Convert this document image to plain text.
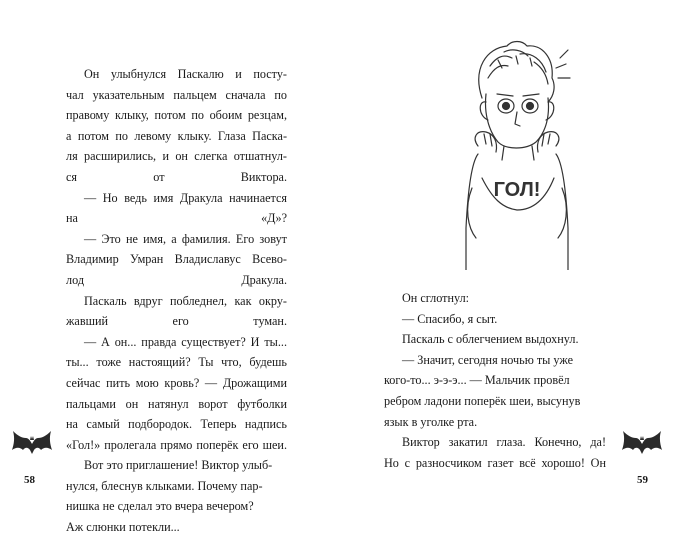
Он улыбнулся Паскалю и посту-
чал указательным пальцем сначала по
правому клыку, потом по обоим резцам,
а потом по левому клыку. Глаза Паска-
ля расширились, и он слегка отшатнул-
ся от Виктора.

— Но ведь имя Дракула начинается
на «Д»?

— Это не имя, а фамилия. Его зовут
Владимир Умран Владиславус Всево-
лод Дракула.

Паскаль вдруг побледнел, как окру-
жавший его туман.

— А он... правда существует? И ты...
ты... тоже настоящий? Ты что, будешь
сейчас пить мою кровь? — Дрожащими
пальцами он натянул ворот футболки
на самый подбородок. Теперь надпись
«Гол!» пролегала прямо поперёк его шеи.

Вот это приглашение! Виктор улыб-
нулся, блеснув клыками. Почему пар-
нишка не сделал это вчера вечером?
Аж слюнки потекли...

ГОЛ!

Он сглотнул:

— Спасибо, я сыт.

Паскаль с облегчением выдохнул.

— Значит, сегодня ночью ты уже
кого-то... э-э-э... — Мальчик провёл
ребром ладони поперёк шеи, высунув
язык в уголке рта.

Виктор закатил глаза. Конечно, да!
Но с разносчиком газет всё хорошо! Он

58	59
